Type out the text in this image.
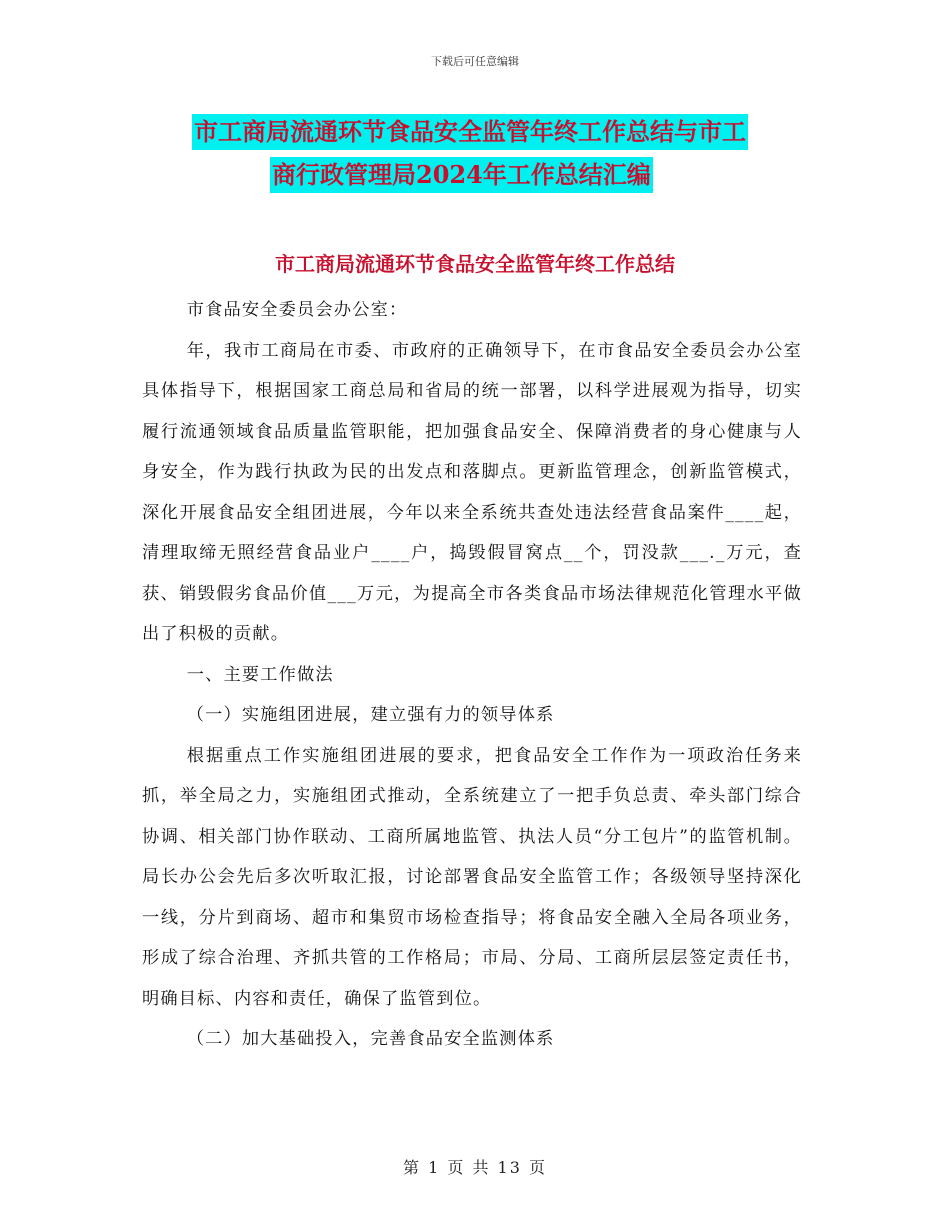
下载后可任意编辑
市工商局流通环节食品安全监管年终工作总结与市工
商行政管理局2024年工作总结汇编
市工商局流通环节食品安全监管年终工作总结

市食品安全委员会办公室：

年，我市工商局在市委、市政府的正确领导下，在市食品安全委员会办公室具体指导下，根据国家工商总局和省局的统一部署，以科学进展观为指导，切实履行流通领域食品质量监管职能，把加强食品安全、保障消费者的身心健康与人身安全，作为践行执政为民的出发点和落脚点。更新监管理念，创新监管模式，深化开展食品安全组团进展，今年以来全系统共查处违法经营食品案件____起，清理取缔无照经营食品业户____户，捣毁假冒窝点__个，罚没款___._万元，查获、销毁假劣食品价值___万元，为提高全市各类食品市场法律规范化管理水平做出了积极的贡献。

一、主要工作做法

（一）实施组团进展，建立强有力的领导体系

根据重点工作实施组团进展的要求，把食品安全工作作为一项政治任务来抓，举全局之力，实施组团式推动，全系统建立了一把手负总责、牵头部门综合协调、相关部门协作联动、工商所属地监管、执法人员“分工包片”的监管机制。局长办公会先后多次听取汇报，讨论部署食品安全监管工作；各级领导坚持深化一线，分片到商场、超市和集贸市场检查指导；将食品安全融入全局各项业务，形成了综合治理、齐抓共管的工作格局；市局、分局、工商所层层签定责任书，明确目标、内容和责任，确保了监管到位。

（二）加大基础投入，完善食品安全监测体系

第 1 页 共 13 页
